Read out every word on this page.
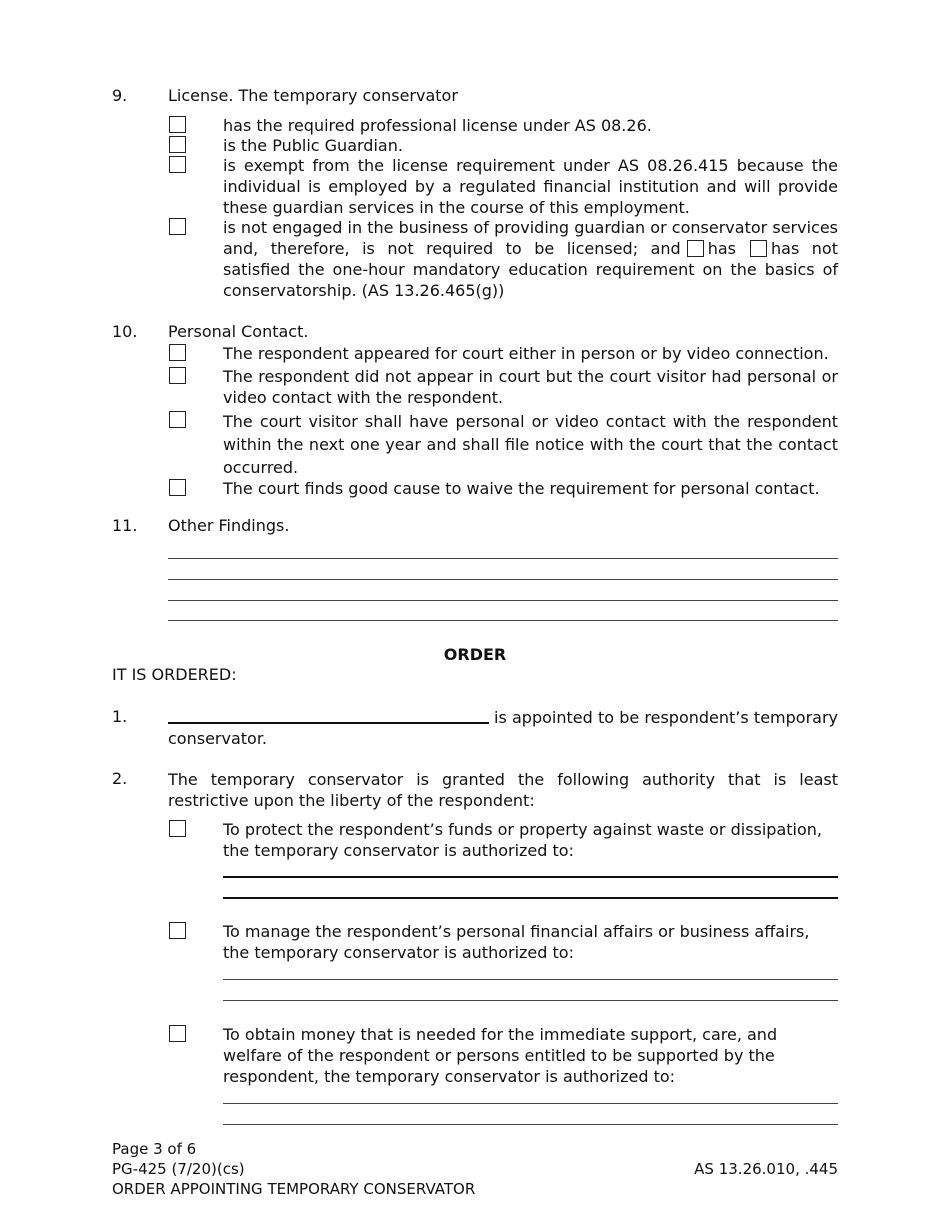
9.	License. The temporary conservator
has the required professional license under AS 08.26.
is the Public Guardian.
is exempt from the license requirement under AS 08.26.415 because the individual is employed by a regulated financial institution and will provide these guardian services in the course of this employment.
is not engaged in the business of providing guardian or conservator services and, therefore, is not required to be licensed; and has has not satisfied the one-hour mandatory education requirement on the basics of conservatorship. (AS 13.26.465(g))
10. Personal Contact.
The respondent appeared for court either in person or by video connection.
The respondent did not appear in court but the court visitor had personal or video contact with the respondent.
The court visitor shall have personal or video contact with the respondent within the next one year and shall file notice with the court that the contact occurred.
The court finds good cause to waive the requirement for personal contact.
11. Other Findings.
ORDER
IT IS ORDERED:
1.	is appointed to be respondent’s temporary conservator.
2.	The temporary conservator is granted the following authority that is least restrictive upon the liberty of the respondent:
To protect the respondent’s funds or property against waste or dissipation, the temporary conservator is authorized to:
To manage the respondent’s personal financial affairs or business affairs, the temporary conservator is authorized to:
To obtain money that is needed for the immediate support, care, and welfare of the respondent or persons entitled to be supported by the respondent, the temporary conservator is authorized to:
Page 3 of 6
PG-425 (7/20)(cs)
ORDER APPOINTING TEMPORARY CONSERVATOR
AS 13.26.010, .445
